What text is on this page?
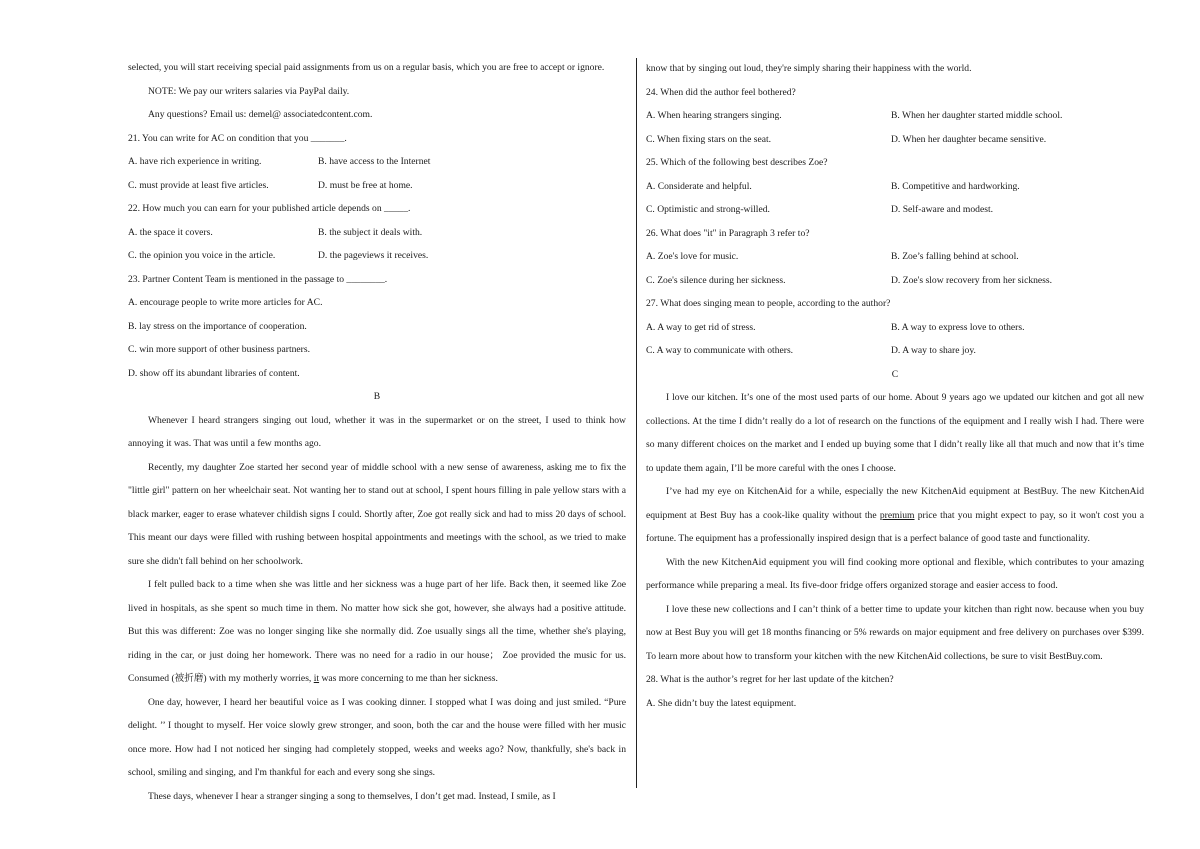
selected, you will start receiving special paid assignments from us on a regular basis, which you are free to accept or ignore.

NOTE: We pay our writers salaries via PayPal daily.

Any questions? Email us: demel@ associatedcontent.com.

21. You can write for AC on condition that you _______.

A. have rich experience in writing.	B. have access to the Internet
C. must provide at least five articles.	D. must be free at home.

22. How much you can earn for your published article depends on _____.

A. the space it covers.	B. the subject it deals with.
C. the opinion you voice in the article.	D. the pageviews it receives.

23. Partner Content Team is mentioned in the passage to ________.

A. encourage people to write more articles for AC.

B. lay stress on the importance of cooperation.

C. win more support of other business partners.

D. show off its abundant libraries of content.

B

Whenever I heard strangers singing out loud, whether it was in the supermarket or on the street, I used to think how annoying it was. That was until a few months ago.

Recently, my daughter Zoe started her second year of middle school with a new sense of awareness, asking me to fix the "little girl" pattern on her wheelchair seat. Not wanting her to stand out at school, I spent hours filling in pale yellow stars with a black marker, eager to erase whatever childish signs I could. Shortly after, Zoe got really sick and had to miss 20 days of school. This meant our days were filled with rushing between hospital appointments and meetings with the school, as we tried to make sure she didn't fall behind on her schoolwork.

I felt pulled back to a time when she was little and her sickness was a huge part of her life. Back then, it seemed like Zoe lived in hospitals, as she spent so much time in them. No matter how sick she got, however, she always had a positive attitude. But this was different: Zoe was no longer singing like she normally did. Zoe usually sings all the time, whether she's playing, riding in the car, or just doing her homework. There was no need for a radio in our house； Zoe provided the music for us. Consumed (被折磨) with my motherly worries, it was more concerning to me than her sickness.

One day, however, I heard her beautiful voice as I was cooking dinner. I stopped what I was doing and just smiled. “Pure delight. ’’ I thought to myself. Her voice slowly grew stronger, and soon, both the car and the house were filled with her music once more. How had I not noticed her singing had completely stopped, weeks and weeks ago? Now, thankfully, she's back in school, smiling and singing, and I'm thankful for each and every song she sings.

These days, whenever I hear a stranger singing a song to themselves, I don’t get mad. Instead, I smile, as I

know that by singing out loud, they're simply sharing their happiness with the world.

24. When did the author feel bothered?

A. When hearing strangers singing.	B. When her daughter started middle school.
C. When fixing stars on the seat.	D. When her daughter became sensitive.

25. Which of the following best describes Zoe?

A. Considerate and helpful.	B. Competitive and hardworking.
C. Optimistic and strong-willed.	D. Self-aware and modest.

26. What does "it" in Paragraph 3 refer to?

A. Zoe's love for music.	B. Zoe’s falling behind at school.
C. Zoe's silence during her sickness.	D. Zoe's slow recovery from her sickness.

27. What does singing mean to people, according to the author?

A. A way to get rid of stress.	B. A way to express love to others.
C. A way to communicate with others.	D. A way to share joy.

C

I love our kitchen. It’s one of the most used parts of our home. About 9 years ago we updated our kitchen and got all new collections. At the time I didn’t really do a lot of research on the functions of the equipment and I really wish I had. There were so many different choices on the market and I ended up buying some that I didn’t really like all that much and now that it’s time to update them again, I’ll be more careful with the ones I choose.

I’ve had my eye on KitchenAid for a while, especially the new KitchenAid equipment at BestBuy. The new KitchenAid equipment at Best Buy has a cook-like quality without the premium price that you might expect to pay, so it won't cost you a fortune. The equipment has a professionally inspired design that is a perfect balance of good taste and functionality.

With the new KitchenAid equipment you will find cooking more optional and flexible, which contributes to your amazing performance while preparing a meal. Its five-door fridge offers organized storage and easier access to food.

I love these new collections and I can’t think of a better time to update your kitchen than right now. because when you buy now at Best Buy you will get 18 months financing or 5% rewards on major equipment and free delivery on purchases over $399. To learn more about how to transform your kitchen with the new KitchenAid collections, be sure to visit BestBuy.com.

28. What is the author’s regret for her last update of the kitchen?

A. She didn’t buy the latest equipment.
